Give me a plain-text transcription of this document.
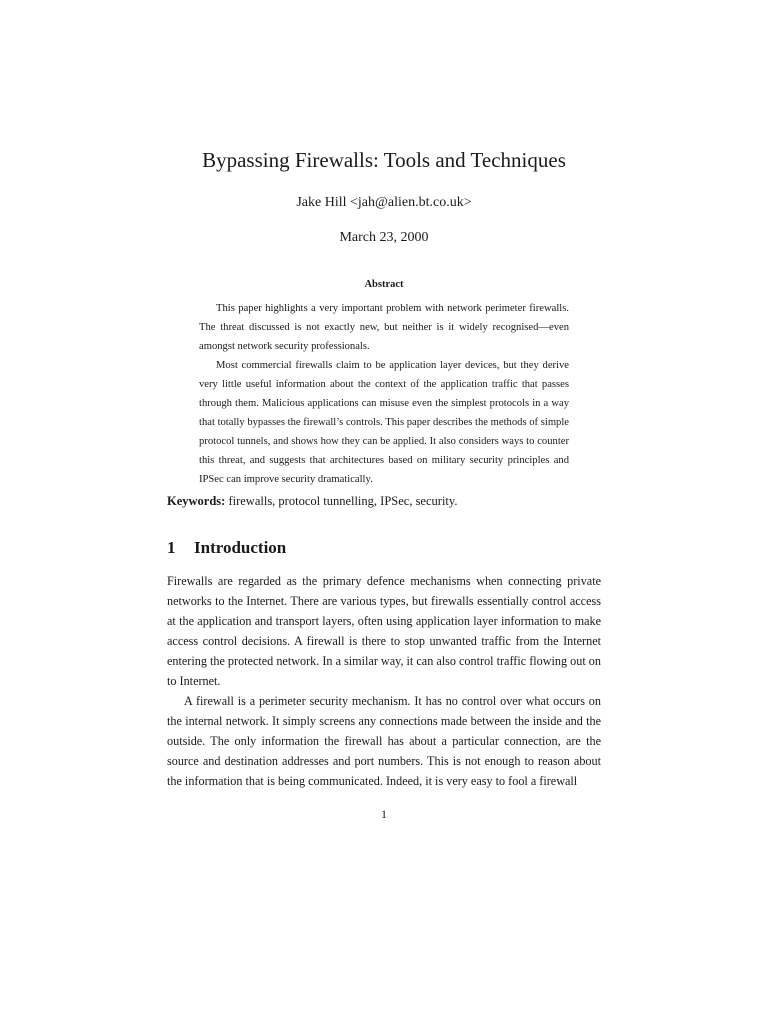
Bypassing Firewalls: Tools and Techniques
Jake Hill <jah@alien.bt.co.uk>
March 23, 2000
Abstract

This paper highlights a very important problem with network perimeter firewalls. The threat discussed is not exactly new, but neither is it widely recognised—even amongst network security professionals.

Most commercial firewalls claim to be application layer devices, but they derive very little useful information about the context of the application traffic that passes through them. Malicious applications can misuse even the simplest protocols in a way that totally bypasses the firewall’s controls. This paper describes the methods of simple protocol tunnels, and shows how they can be applied. It also considers ways to counter this threat, and suggests that architectures based on military security principles and IPSec can improve security dramatically.

Keywords: firewalls, protocol tunnelling, IPSec, security.
1 Introduction

Firewalls are regarded as the primary defence mechanisms when connecting private networks to the Internet. There are various types, but firewalls essentially control access at the application and transport layers, often using application layer information to make access control decisions. A firewall is there to stop unwanted traffic from the Internet entering the protected network. In a similar way, it can also control traffic flowing out on to Internet.

A firewall is a perimeter security mechanism. It has no control over what occurs on the internal network. It simply screens any connections made between the inside and the outside. The only information the firewall has about a particular connection, are the source and destination addresses and port numbers. This is not enough to reason about the information that is being communicated. Indeed, it is very easy to fool a firewall

1
